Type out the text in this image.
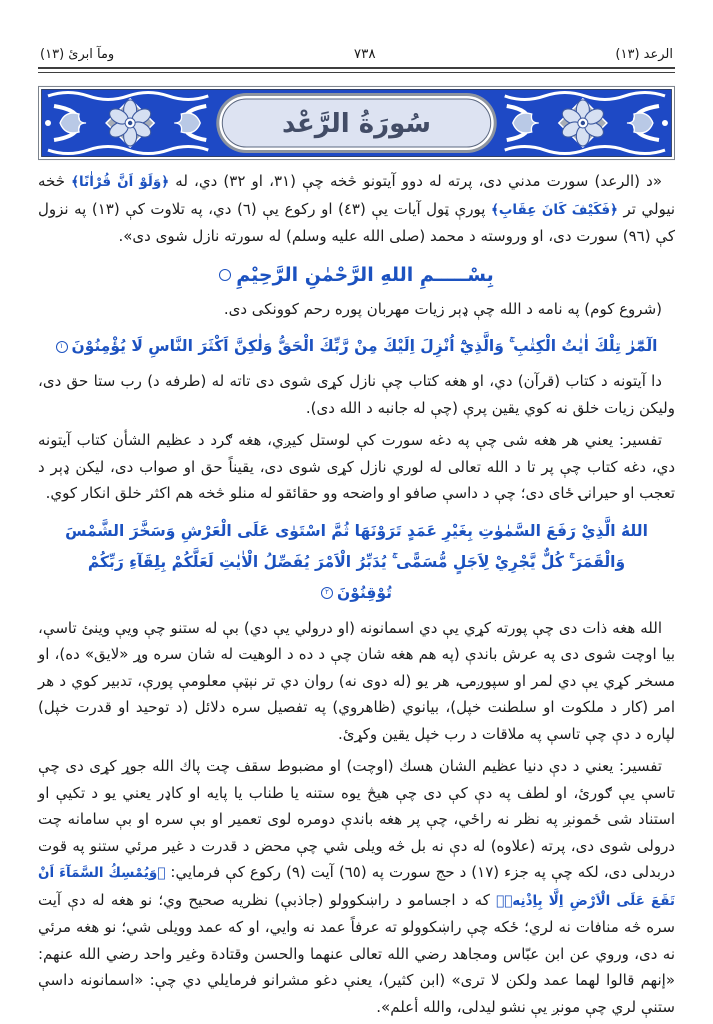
الرعد (١٣)
٧٣٨
ومآ ابرئ (١٣)
سُورَةُ الرَّعْد

«د (الرعد) سورت مدني دى، پرته له دوو آيتونو څخه چې (٣١، او ٣٢) دي، له ﴿وَلَوْ اَنَّ قُرْاٰنًا﴾ څخه نيولي تر ﴿فَكَيْفَ كَانَ عِقَابِ﴾ پورې ټول آيات يې (٤٣) او ركوع يې (٦) دي، په تلاوت كې (١٣) په نزول كې (٩٦) سورت دى، او وروسته د محمد (صلى الله عليه وسلم) له سورته نازل شوى دى».

بِسْـــــمِ اللهِ الرَّحْمٰنِ الرَّحِيْمِ

(شروع كوم) په نامه د الله چې ډېر زيات مهربان پوره رحم كوونكى دى.

الٓمّٓرٰ تِلْكَ اٰيٰتُ الْكِتٰبِ ۚ وَالَّذِيْٓ اُنْزِلَ اِلَيْكَ مِنْ رَّبِّكَ الْحَقُّ وَلٰكِنَّ اَكْثَرَ النَّاسِ لَا يُؤْمِنُوْنَ١

دا آيتونه د كتاب (قرآن) دي، او هغه كتاب چې نازل كړى شوى دى تاته له (طرفه د) رب ستا حق دى، وليكن زيات خلق نه كوي يقين پرې (چې له جانبه د الله دى).

تفسير: يعني هر هغه شى چې په دغه سورت كې لوستل كيږي، هغه ګرد د عظيم الشأن كتاب آيتونه دي، دغه كتاب چې پر تا د الله تعالى له لوري نازل كړى شوى دى، يقيناً حق او صواب دى، ليكن ډېر د تعجب او حيرانۍ ځاى دى؛ چې د داسې صافو او واضحه وو حقائقو له منلو څخه هم اكثر خلق انكار كوي.

اللهُ الَّذِيْ رَفَعَ السَّمٰوٰتِ بِغَيْرِ عَمَدٍ تَرَوْنَهَا ثُمَّ اسْتَوٰى عَلَى الْعَرْشِ وَسَخَّرَ الشَّمْسَ وَالْقَمَرَ ۚ كُلٌّ يَّجْرِيْ لِاَجَلٍ مُّسَمًّى ۚ يُدَبِّرُ الْاَمْرَ يُفَصِّلُ الْاٰيٰتِ لَعَلَّكُمْ بِلِقَآءِ رَبِّكُمْ تُوْقِنُوْنَ٢

الله هغه ذات دى چې پورته كړي يې دي اسمانونه (او درولي يې دي) بې له ستنو چې ويې وينئ تاسې، بيا اوچت شوى دى په عرش باندې (په هم هغه شان چې د ده د الوهيت له شان سره وړ «لايق» ده)، او مسخر كړي يې دي لمر او سپوږمۍ، هر يو (له دوى نه) روان دي تر نېټې معلومې پورې، تدبير كوي د هر امر (كار د ملكوت او سلطنت خپل)، بيانوي (ظاهروي) په تفصيل سره دلائل (د توحيد او قدرت خپل) لپاره د دې چې تاسې په ملاقات د رب خپل يقين وكړئ.

تفسير: يعني د دې دنيا عظيم الشان هسك (اوچت) او مضبوط سقف چت پاك الله جوړ كړى دى چې تاسې يې ګورئ، او لطف په دې كې دى چې هيڅ يوه ستنه يا طناب يا پايه او كاډر يعني يو د تكيې او استناد شى ځمونږ په نظر نه راځي، چې پر هغه باندې دومره لوى تعمير او بې سره او بې سامانه چت درولى شوى دى، پرته (علاوه) له دې نه بل څه ويلى شي چې محض د قدرت د غير مرئي ستنو په قوت دربدلى دى، لكه چې په جزء (١٧) د حج سورت په (٦٥) آيت (٩) ركوع كې فرمايي: ﴿وَيُمْسِكُ السَّمَآءَ اَنْ تَقَعَ عَلَى الْاَرْضِ اِلَّا بِاِذْنِهٖ﴾ كه د اجسامو د راښكوولو (جاذبې) نظريه صحيح وي؛ نو هغه له دې آيت سره څه منافات نه لري؛ ځكه چې راښكوولو ته عرفاً عمد نه وايي، او كه عمد وويلى شي؛ نو هغه مرئي نه دى، وروي عن ابن عبّاس ومجاهد رضي الله تعالى عنهما والحسن وقتادة وغير واحد رضي الله عنهم: «إنهم قالوا لهما عمد ولكن لا ترى» (ابن كثير)، يعنې دغو مشرانو فرمايلي دي چې: «اسمانونه داسې ستنې لري چې مونږ يې نشو ليدلى، والله أعلم».
